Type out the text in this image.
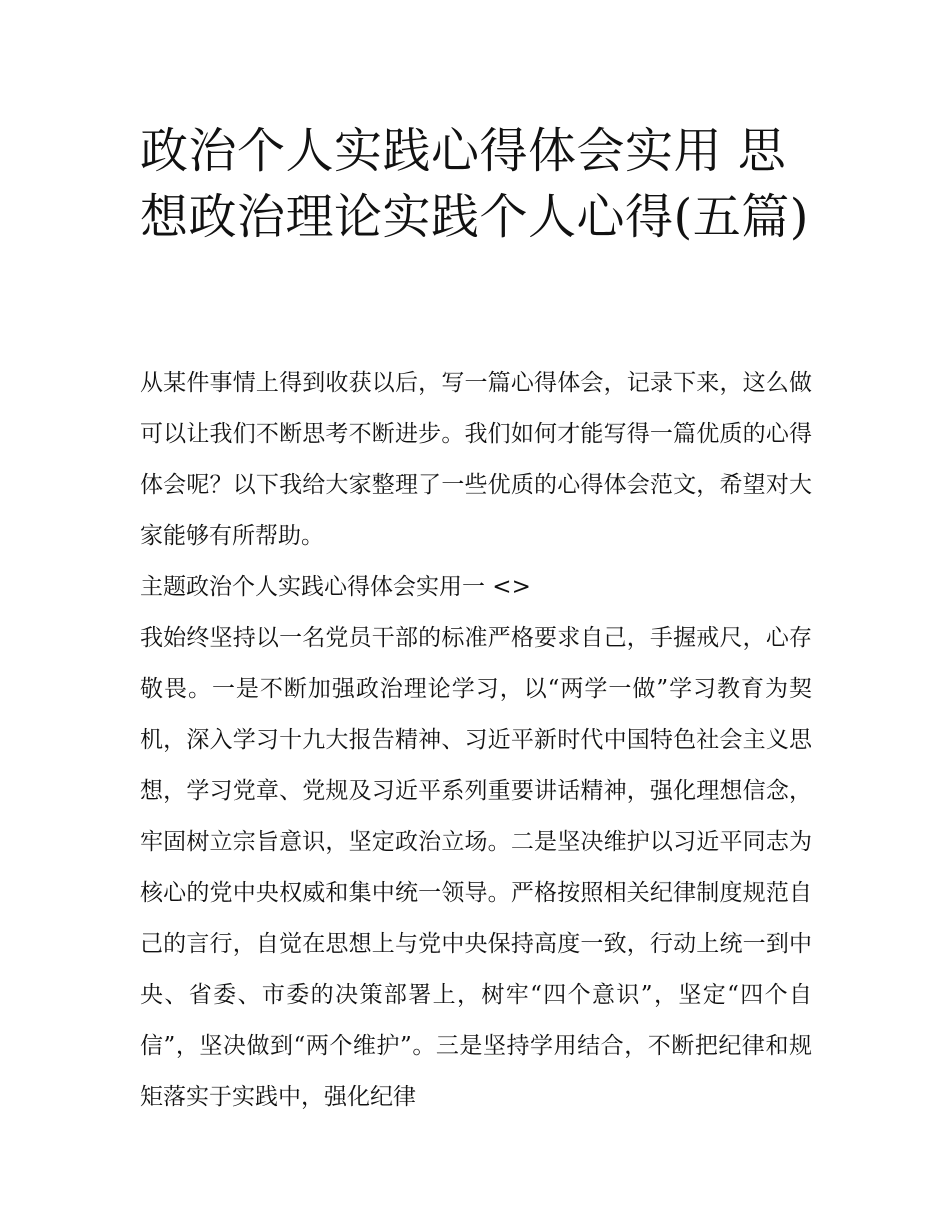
政治个人实践心得体会实用 思想政治理论实践个人心得(五篇)

从某件事情上得到收获以后，写一篇心得体会，记录下来，这么做可以让我们不断思考不断进步。我们如何才能写得一篇优质的心得体会呢？以下我给大家整理了一些优质的心得体会范文，希望对大家能够有所帮助。

主题政治个人实践心得体会实用一 <>

我始终坚持以一名党员干部的标准严格要求自己，手握戒尺，心存敬畏。一是不断加强政治理论学习，以“两学一做”学习教育为契机，深入学习十九大报告精神、习近平新时代中国特色社会主义思想，学习党章、党规及习近平系列重要讲话精神，强化理想信念，牢固树立宗旨意识，坚定政治立场。二是坚决维护以习近平同志为核心的党中央权威和集中统一领导。严格按照相关纪律制度规范自己的言行，自觉在思想上与党中央保持高度一致，行动上统一到中央、省委、市委的决策部署上，树牢“四个意识”，坚定“四个自信”，坚决做到“两个维护”。三是坚持学用结合，不断把纪律和规矩落实于实践中，强化纪律
